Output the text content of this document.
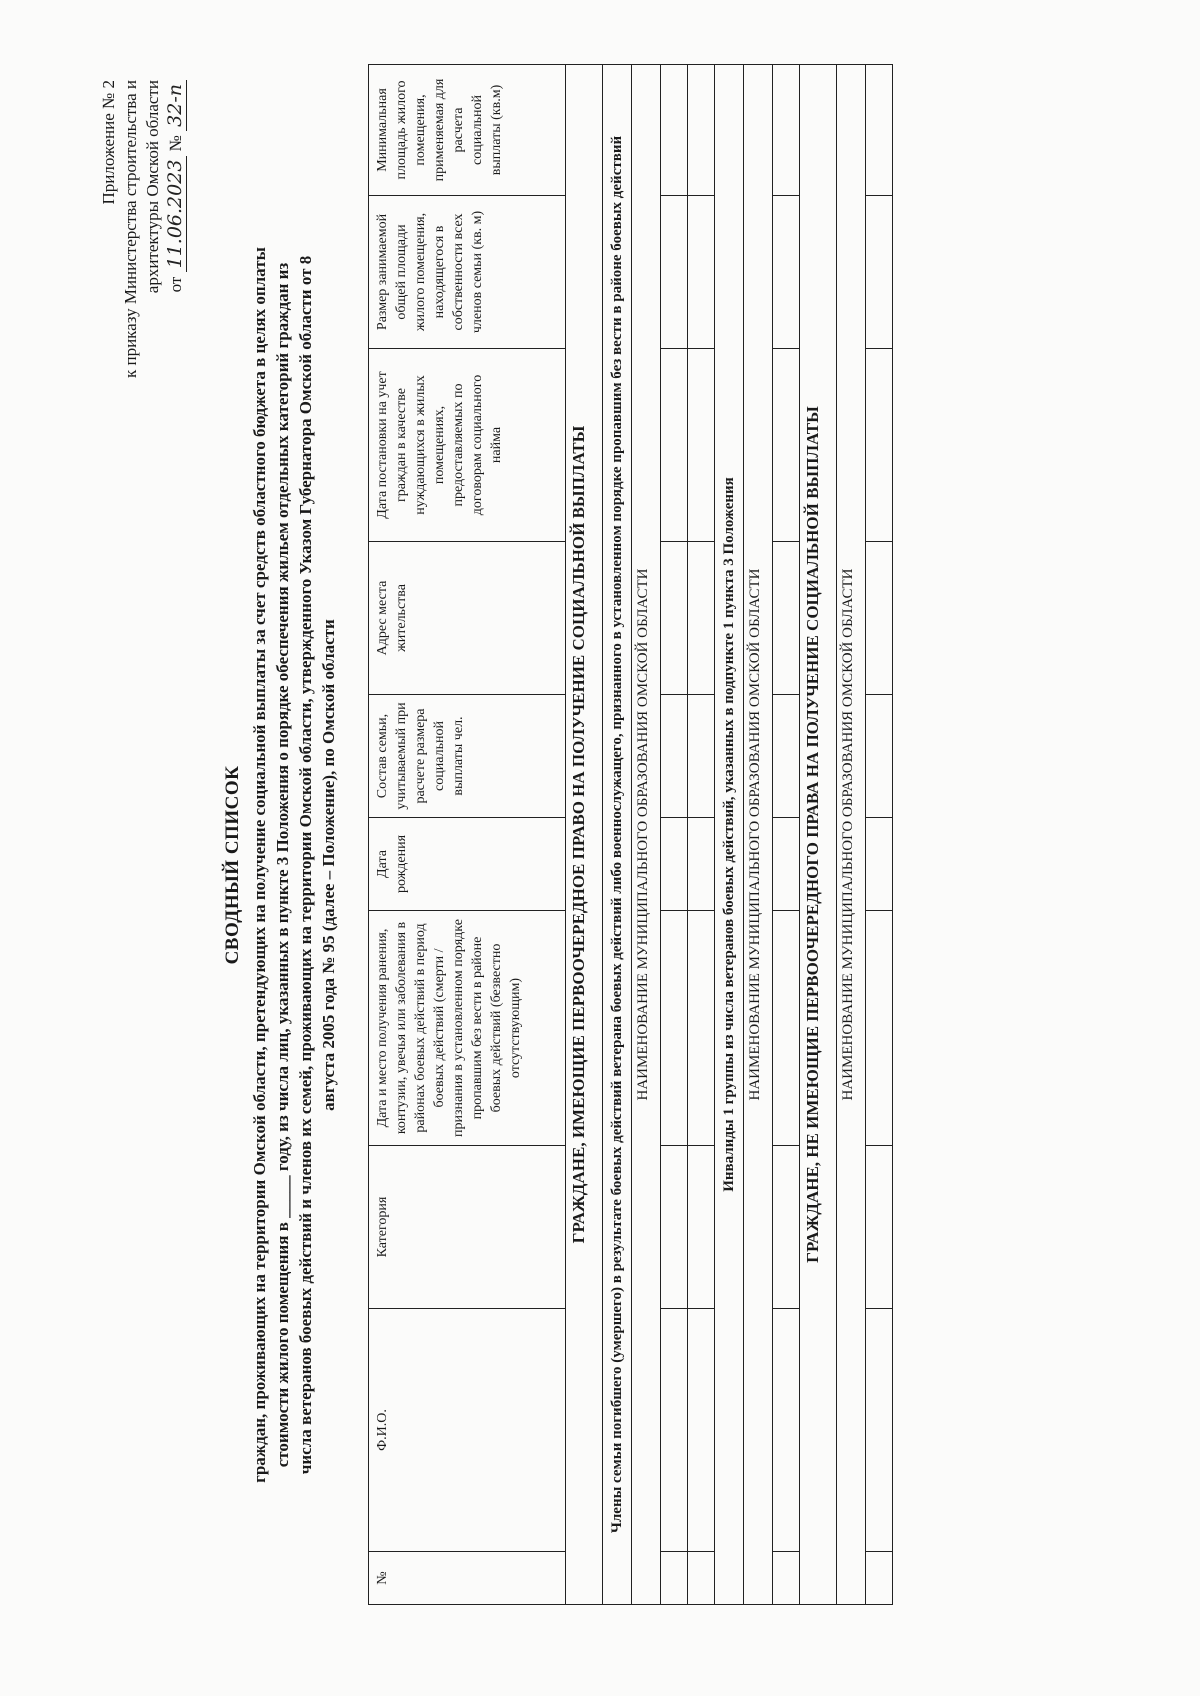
Приложение № 2 к приказу Министерства строительства и архитектуры Омской области от 11.06.2023 № 32-п
СВОДНЫЙ СПИСОК граждан, проживающих на территории Омской области, претендующих на получение социальной выплаты за счет средств областного бюджета в целях оплаты стоимости жилого помещения в _____ году, из числа лиц, указанных в пункте 3 Положения о порядке обеспечения жильем отдельных категорий граждан из числа ветеранов боевых действий и членов их семей, проживающих на территории Омской области, утвержденного Указом Губернатора Омской области от 8 августа 2005 года № 95 (далее – Положение), по Омской области
№	Ф.И.О.	Категория	Дата и место получения ранения, контузии, увечья или заболевания в районах боевых действий в период боевых действий (смерти / признания в установленном порядке пропавшим без вести в районе боевых действий (безвестно отсутствующим)	Дата рождения	Состав семьи, учитываемый при расчете размера социальной выплаты чел.	Адрес места жительства	Дата постановки на учет граждан в качестве нуждающихся в жилых помещениях, предоставляемых по договорам социального найма	Размер занимаемой общей площади жилого помещения, находящегося в собственности всех членов семьи (кв. м)	Минимальная площадь жилого помещения, применяемая для расчета социальной выплаты (кв.м)
ГРАЖДАНЕ, ИМЕЮЩИЕ ПЕРВООЧЕРЕДНОЕ ПРАВО НА ПОЛУЧЕНИЕ СОЦИАЛЬНОЙ ВЫПЛАТЫ									
Члены семьи погибшего (умершего) в результате боевых действий ветерана боевых действий либо военнослужащего, признанного в установленном порядке пропавшим без вести в районе боевых действий									
НАИМЕНОВАНИЕ МУНИЦИПАЛЬНОГО ОБРАЗОВАНИЯ ОМСКОЙ ОБЛАСТИ									

Инвалиды 1 группы из числа ветеранов боевых действий, указанных в подпункте 1 пункта 3 Положения									
НАИМЕНОВАНИЕ МУНИЦИПАЛЬНОГО ОБРАЗОВАНИЯ ОМСКОЙ ОБЛАСТИ									

ГРАЖДАНЕ, НЕ ИМЕЮЩИЕ ПЕРВООЧЕРЕДНОГО ПРАВА НА ПОЛУЧЕНИЕ СОЦИАЛЬНОЙ ВЫПЛАТЫ									
НАИМЕНОВАНИЕ МУНИЦИПАЛЬНОГО ОБРАЗОВАНИЯ ОМСКОЙ ОБЛАСТИ									
